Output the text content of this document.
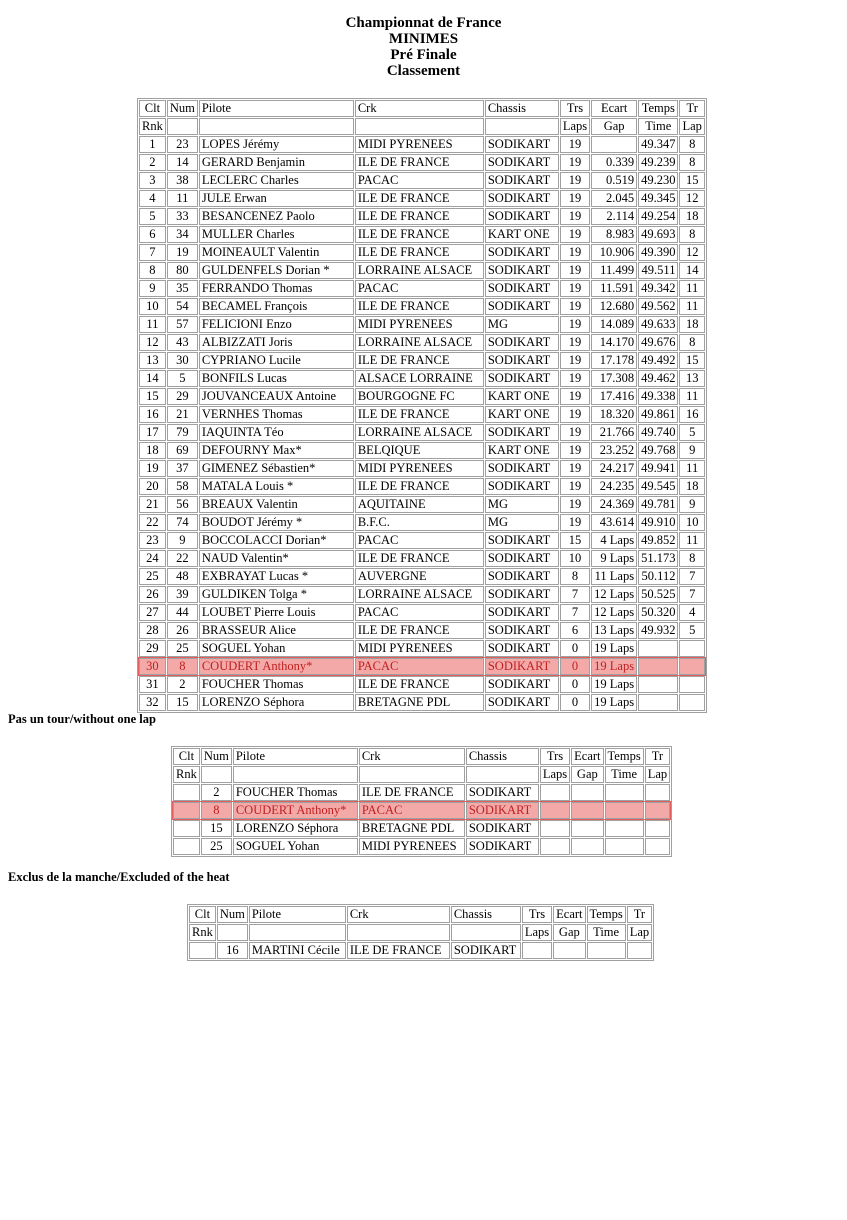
Championnat de France
MINIMES
Pré Finale
Classement
Clt	Num	Pilote	Crk	Chassis	Trs	Ecart	Temps	Tr
Rnk					Laps	Gap	Time	Lap
1	23	LOPES Jérémy	MIDI PYRENEES	SODIKART	19		49.347	8
2	14	GERARD Benjamin	ILE DE FRANCE	SODIKART	19	0.339	49.239	8
3	38	LECLERC Charles	PACAC	SODIKART	19	0.519	49.230	15
4	11	JULE Erwan	ILE DE FRANCE	SODIKART	19	2.045	49.345	12
5	33	BESANCENEZ Paolo	ILE DE FRANCE	SODIKART	19	2.114	49.254	18
6	34	MULLER Charles	ILE DE FRANCE	KART ONE	19	8.983	49.693	8
7	19	MOINEAULT Valentin	ILE DE FRANCE	SODIKART	19	10.906	49.390	12
8	80	GULDENFELS Dorian *	LORRAINE ALSACE	SODIKART	19	11.499	49.511	14
9	35	FERRANDO Thomas	PACAC	SODIKART	19	11.591	49.342	11
10	54	BECAMEL François	ILE DE FRANCE	SODIKART	19	12.680	49.562	11
11	57	FELICIONI Enzo	MIDI PYRENEES	MG	19	14.089	49.633	18
12	43	ALBIZZATI Joris	LORRAINE ALSACE	SODIKART	19	14.170	49.676	8
13	30	CYPRIANO Lucile	ILE DE FRANCE	SODIKART	19	17.178	49.492	15
14	5	BONFILS Lucas	ALSACE LORRAINE	SODIKART	19	17.308	49.462	13
15	29	JOUVANCEAUX Antoine	BOURGOGNE FC	KART ONE	19	17.416	49.338	11
16	21	VERNHES Thomas	ILE DE FRANCE	KART ONE	19	18.320	49.861	16
17	79	IAQUINTA Téo	LORRAINE ALSACE	SODIKART	19	21.766	49.740	5
18	69	DEFOURNY Max*	BELQIQUE	KART ONE	19	23.252	49.768	9
19	37	GIMENEZ Sébastien*	MIDI PYRENEES	SODIKART	19	24.217	49.941	11
20	58	MATALA Louis *	ILE DE FRANCE	SODIKART	19	24.235	49.545	18
21	56	BREAUX Valentin	AQUITAINE	MG	19	24.369	49.781	9
22	74	BOUDOT Jérémy *	B.F.C.	MG	19	43.614	49.910	10
23	9	BOCCOLACCI Dorian*	PACAC	SODIKART	15	4 Laps	49.852	11
24	22	NAUD Valentin*	ILE DE FRANCE	SODIKART	10	9 Laps	51.173	8
25	48	EXBRAYAT Lucas *	AUVERGNE	SODIKART	8	11 Laps	50.112	7
26	39	GULDIKEN Tolga *	LORRAINE ALSACE	SODIKART	7	12 Laps	50.525	7
27	44	LOUBET Pierre Louis	PACAC	SODIKART	7	12 Laps	50.320	4
28	26	BRASSEUR Alice	ILE DE FRANCE	SODIKART	6	13 Laps	49.932	5
29	25	SOGUEL Yohan	MIDI PYRENEES	SODIKART	0	19 Laps		
30	8	COUDERT Anthony*	PACAC	SODIKART	0	19 Laps		
31	2	FOUCHER Thomas	ILE DE FRANCE	SODIKART	0	19 Laps		
32	15	LORENZO Séphora	BRETAGNE PDL	SODIKART	0	19 Laps		
Pas un tour/without one lap
Clt	Num	Pilote	Crk	Chassis	Trs	Ecart	Temps	Tr
Rnk					Laps	Gap	Time	Lap
	2	FOUCHER Thomas	ILE DE FRANCE	SODIKART				
	8	COUDERT Anthony*	PACAC	SODIKART				
	15	LORENZO Séphora	BRETAGNE PDL	SODIKART				
	25	SOGUEL Yohan	MIDI PYRENEES	SODIKART				
Exclus de la manche/Excluded of the heat
Clt	Num	Pilote	Crk	Chassis	Trs	Ecart	Temps	Tr
Rnk					Laps	Gap	Time	Lap
	16	MARTINI Cécile	ILE DE FRANCE	SODIKART				
